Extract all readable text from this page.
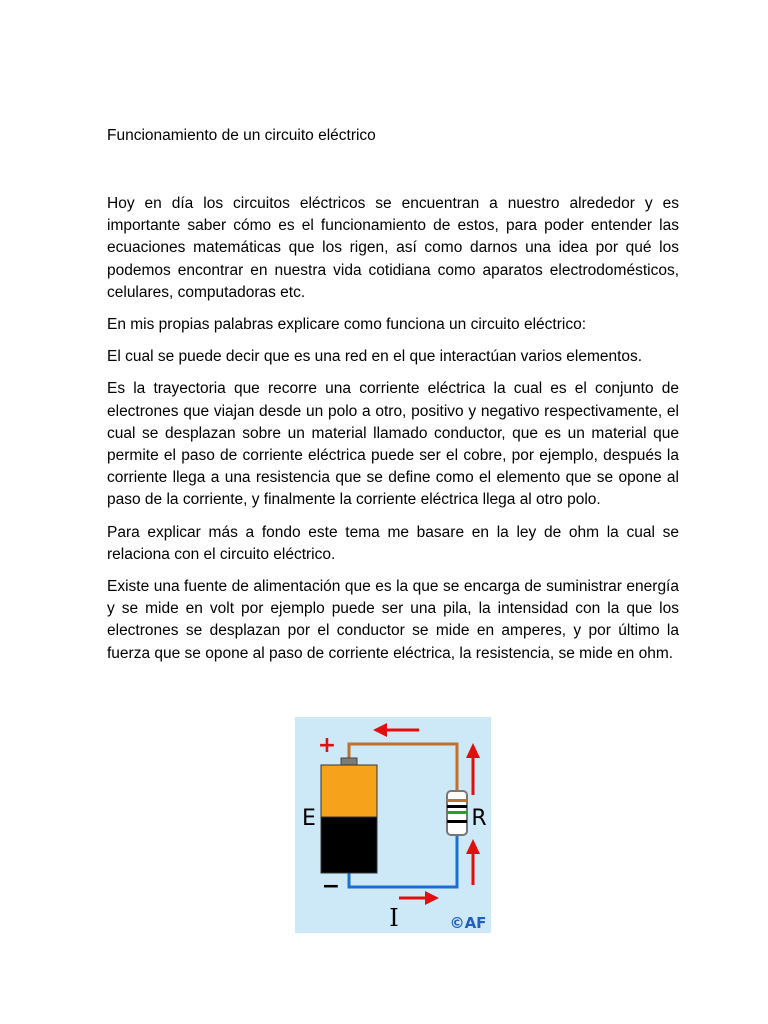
Funcionamiento de un circuito eléctrico

Hoy en día los circuitos eléctricos se encuentran a nuestro alrededor y es importante saber cómo es el funcionamiento de estos, para poder entender las ecuaciones matemáticas que los rigen, así como darnos una idea por qué los podemos encontrar en nuestra vida cotidiana como aparatos electrodomésticos, celulares, computadoras etc.

En mis propias palabras explicare como funciona un circuito eléctrico:

El cual se puede decir que es una red en el que interactúan varios elementos.

Es la trayectoria que recorre una corriente eléctrica la cual es el conjunto de electrones que viajan desde un polo a otro, positivo y negativo respectivamente, el cual se desplazan sobre un material llamado conductor, que es un material que permite el paso de corriente eléctrica puede ser el cobre, por ejemplo, después la corriente llega a una resistencia que se define como el elemento que se opone al paso de la corriente, y finalmente la corriente eléctrica llega al otro polo.

Para explicar más a fondo este tema me basare en la ley de ohm la cual se relaciona con el circuito eléctrico.

Existe una fuente de alimentación que es la que se encarga de suministrar energía y se mide en volt por ejemplo puede ser una pila, la intensidad con la que los electrones se desplazan por el conductor se mide en amperes, y por último la fuerza que se opone al paso de corriente eléctrica, la resistencia, se mide en ohm.

+
−
E	R
I	©AF
